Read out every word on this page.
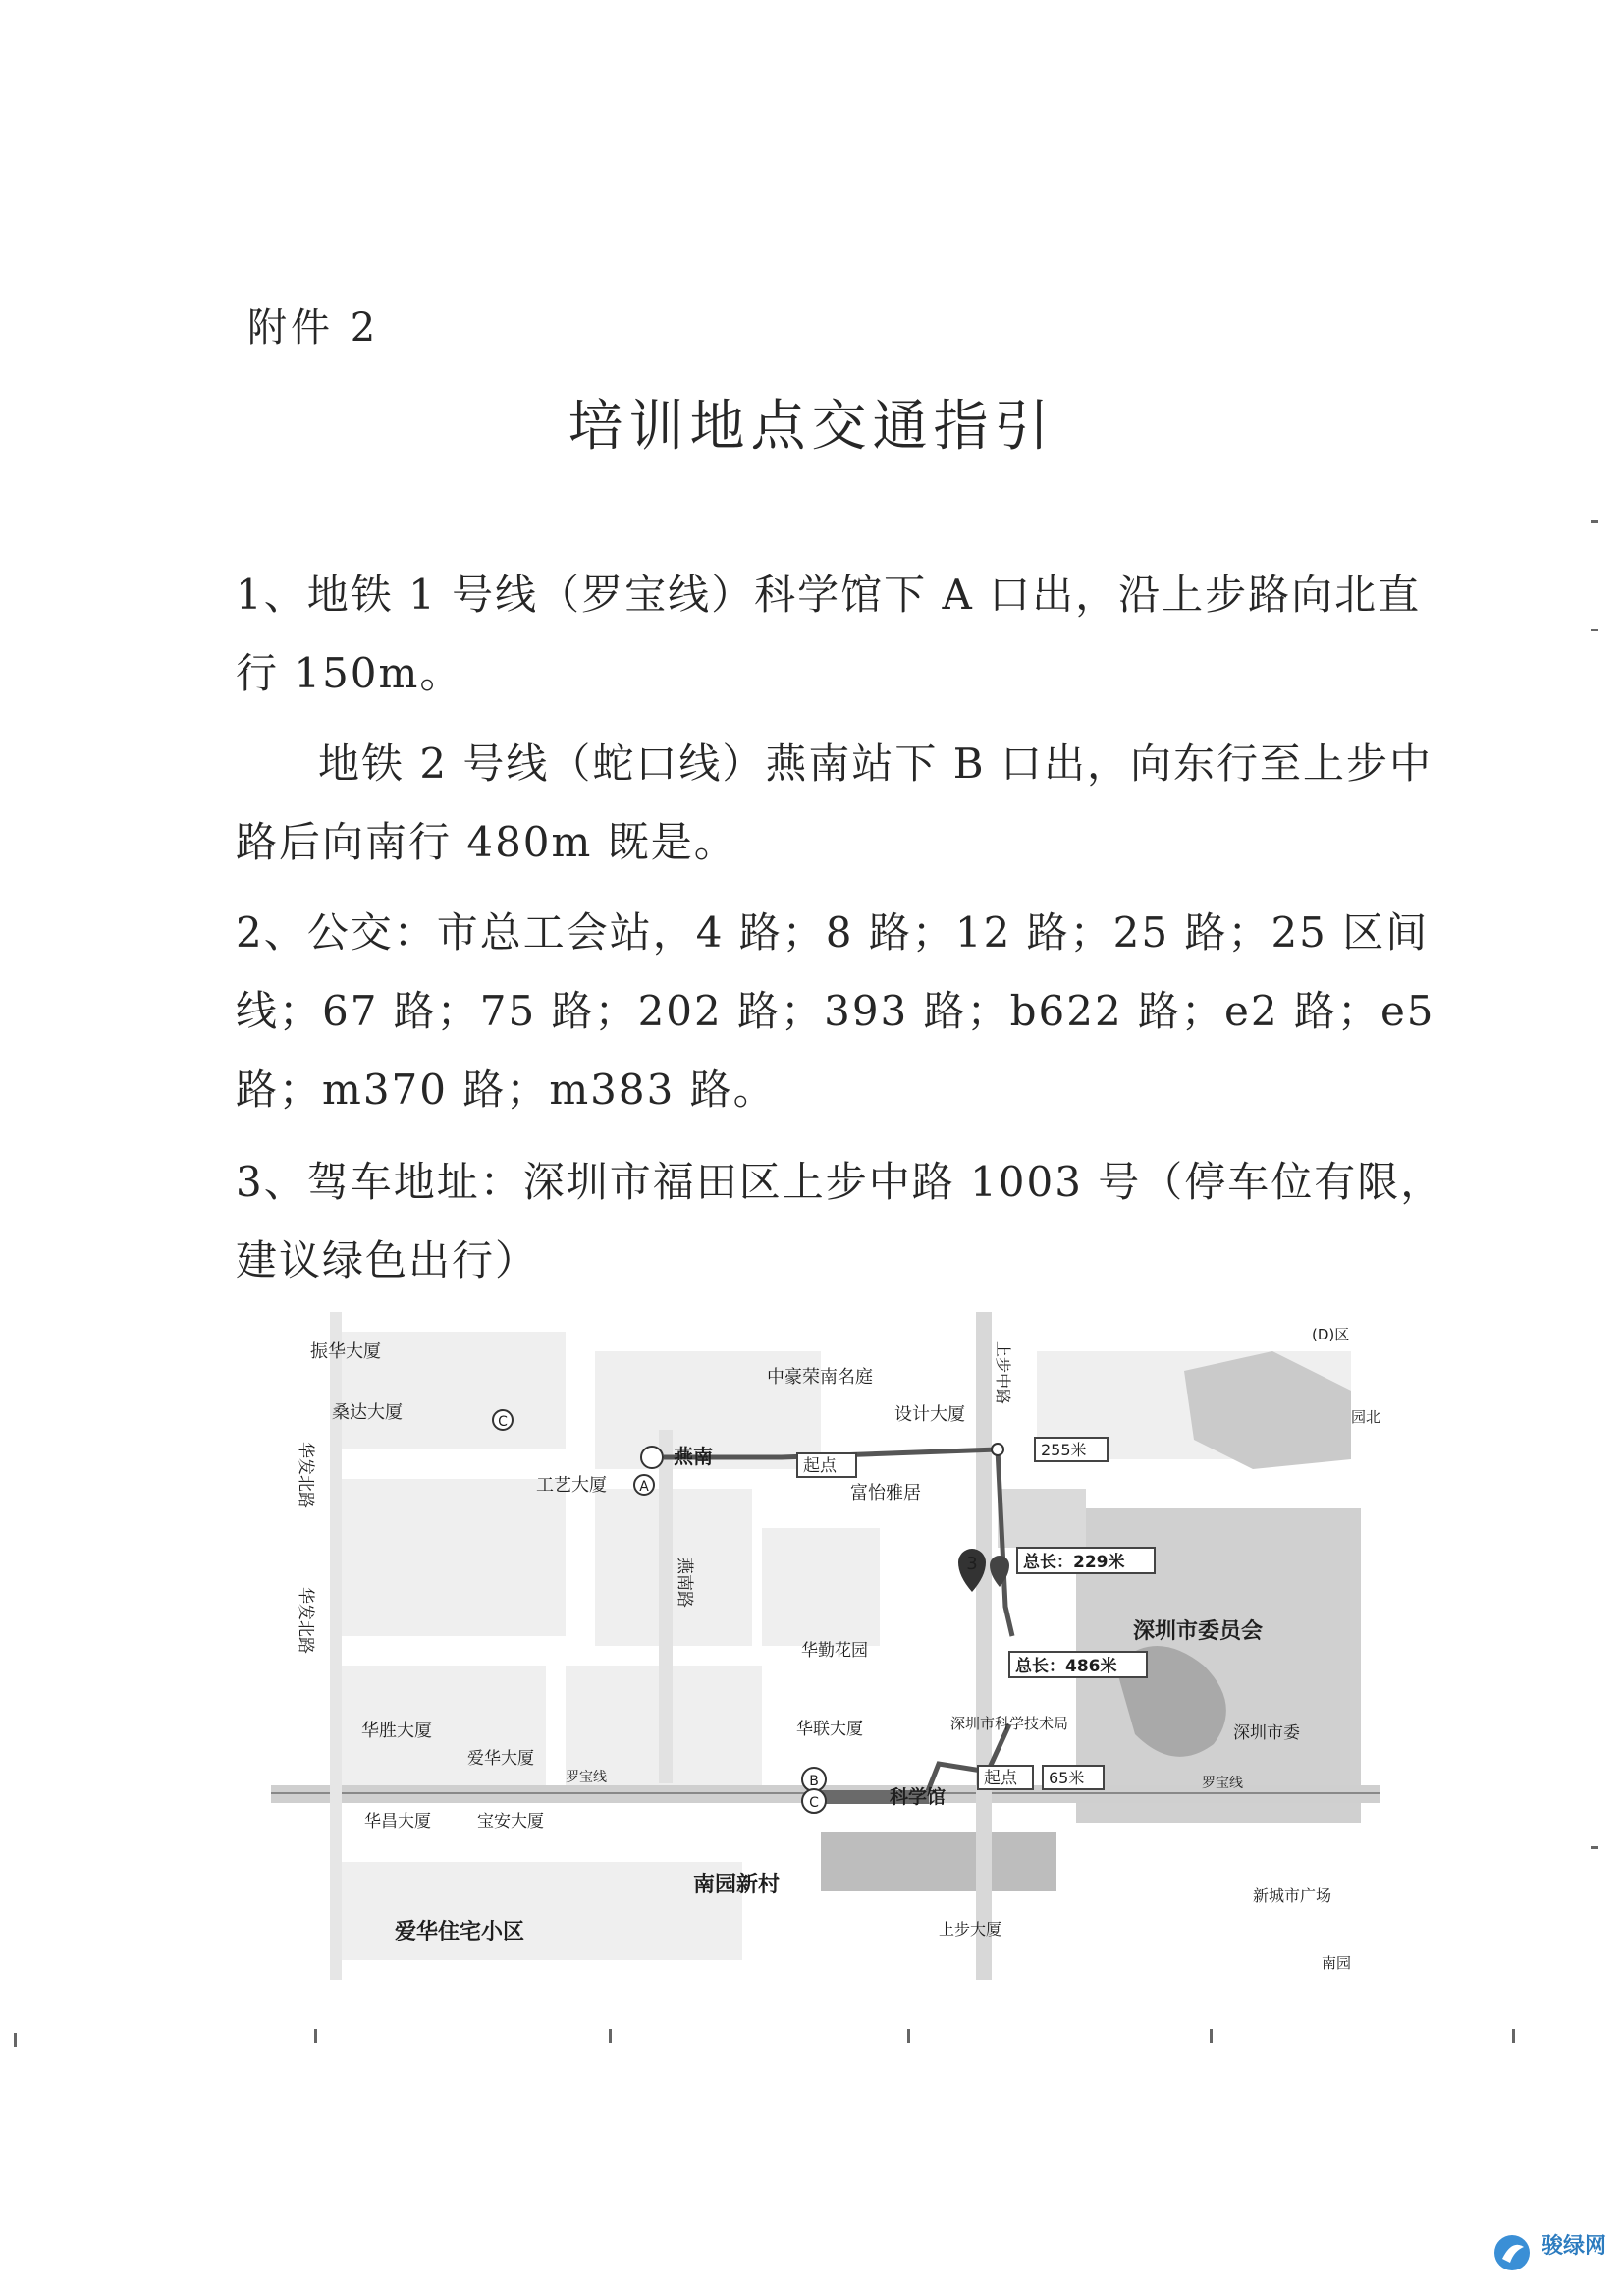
附件 2
培训地点交通指引

1、地铁 1 号线（罗宝线）科学馆下 A 口出，沿上步路向北直行 150m。

地铁 2 号线（蛇口线）燕南站下 B 口出，向东行至上步中路后向南行 480m 既是。

2、公交：市总工会站，4 路；8 路；12 路；25 路；25 区间线；67 路；75 路；202 路；393 路；b622 路；e2 路；e5 路；m370 路；m383 路。

3、驾车地址：深圳市福田区上步中路 1003 号（停车位有限，建议绿色出行）

3
C
A
B
C
振华大厦
桑达大厦
华发北路
华发北路
工艺大厦
中豪荣南名庭
设计大厦
燕南	起点
富怡雅居
燕南路
上步中路
255米
总长：229米
总长：486米
深圳市委员会
华勤花园
华胜大厦
爱华大厦
华联大厦	深圳市科学技术局	深圳市委
科学馆
起点 65米
罗宝线	罗宝线
华昌大厦	宝安大厦
南园新村
爱华住宅小区
新城市广场
上步大厦
南园
(D)区
园北
骏绿网
